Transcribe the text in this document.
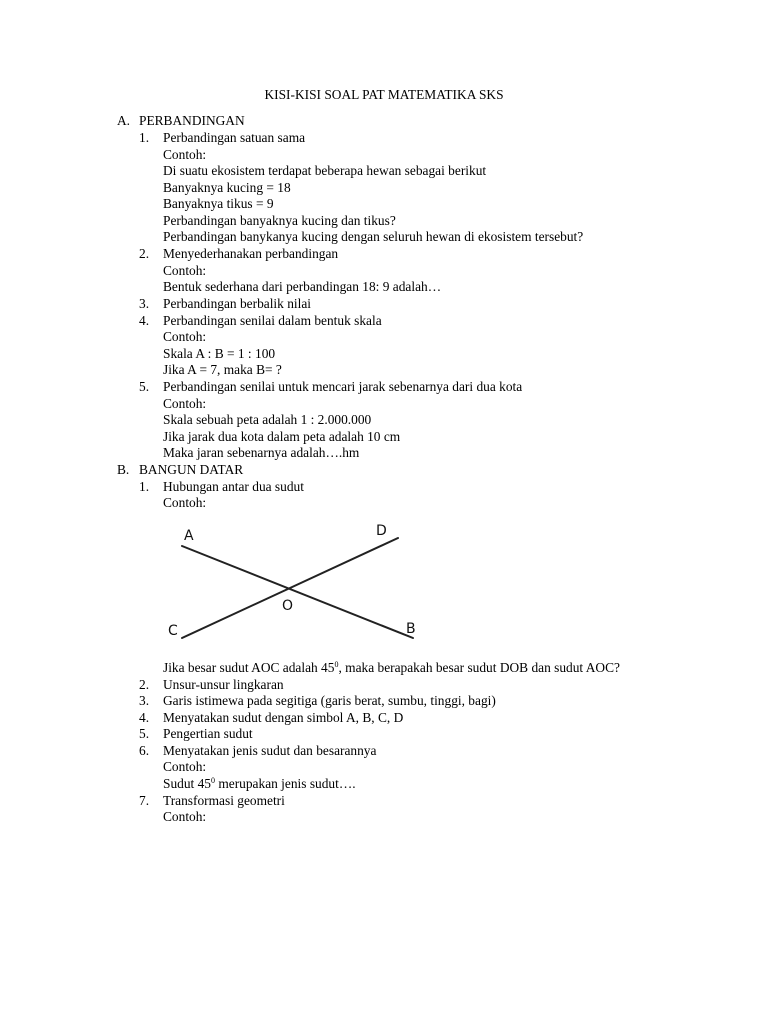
KISI-KISI SOAL PAT MATEMATIKA SKS
A. PERBANDINGAN
1. Perbandingan satuan sama
Contoh:
Di suatu ekosistem terdapat beberapa hewan sebagai berikut
Banyaknya kucing = 18
Banyaknya tikus = 9
Perbandingan banyaknya kucing dan tikus?
Perbandingan banykanya kucing dengan seluruh hewan di ekosistem tersebut?
2. Menyederhanakan perbandingan
Contoh:
Bentuk sederhana dari perbandingan 18: 9 adalah…
3. Perbandingan berbalik nilai
4. Perbandingan senilai dalam bentuk skala
Contoh:
Skala A : B = 1 : 100
Jika A = 7, maka B= ?
5. Perbandingan senilai untuk mencari jarak sebenarnya dari dua kota
Contoh:
Skala sebuah peta adalah 1 : 2.000.000
Jika jarak dua kota dalam peta adalah 10 cm
Maka jaran sebenarnya adalah….hm
B. BANGUN DATAR
1. Hubungan antar dua sudut
Contoh:
A	D
O
C	B
Jika besar sudut AOC adalah $45^0$, maka berapakah besar sudut DOB dan sudut AOC?
2. Unsur-unsur lingkaran
3. Garis istimewa pada segitiga (garis berat, sumbu, tinggi, bagi)
4. Menyatakan sudut dengan simbol A, B, C, D
5. Pengertian sudut
6. Menyatakan jenis sudut dan besarannya
Contoh:
Sudut $45^0$ merupakan jenis sudut….
7. Transformasi geometri
Contoh:
